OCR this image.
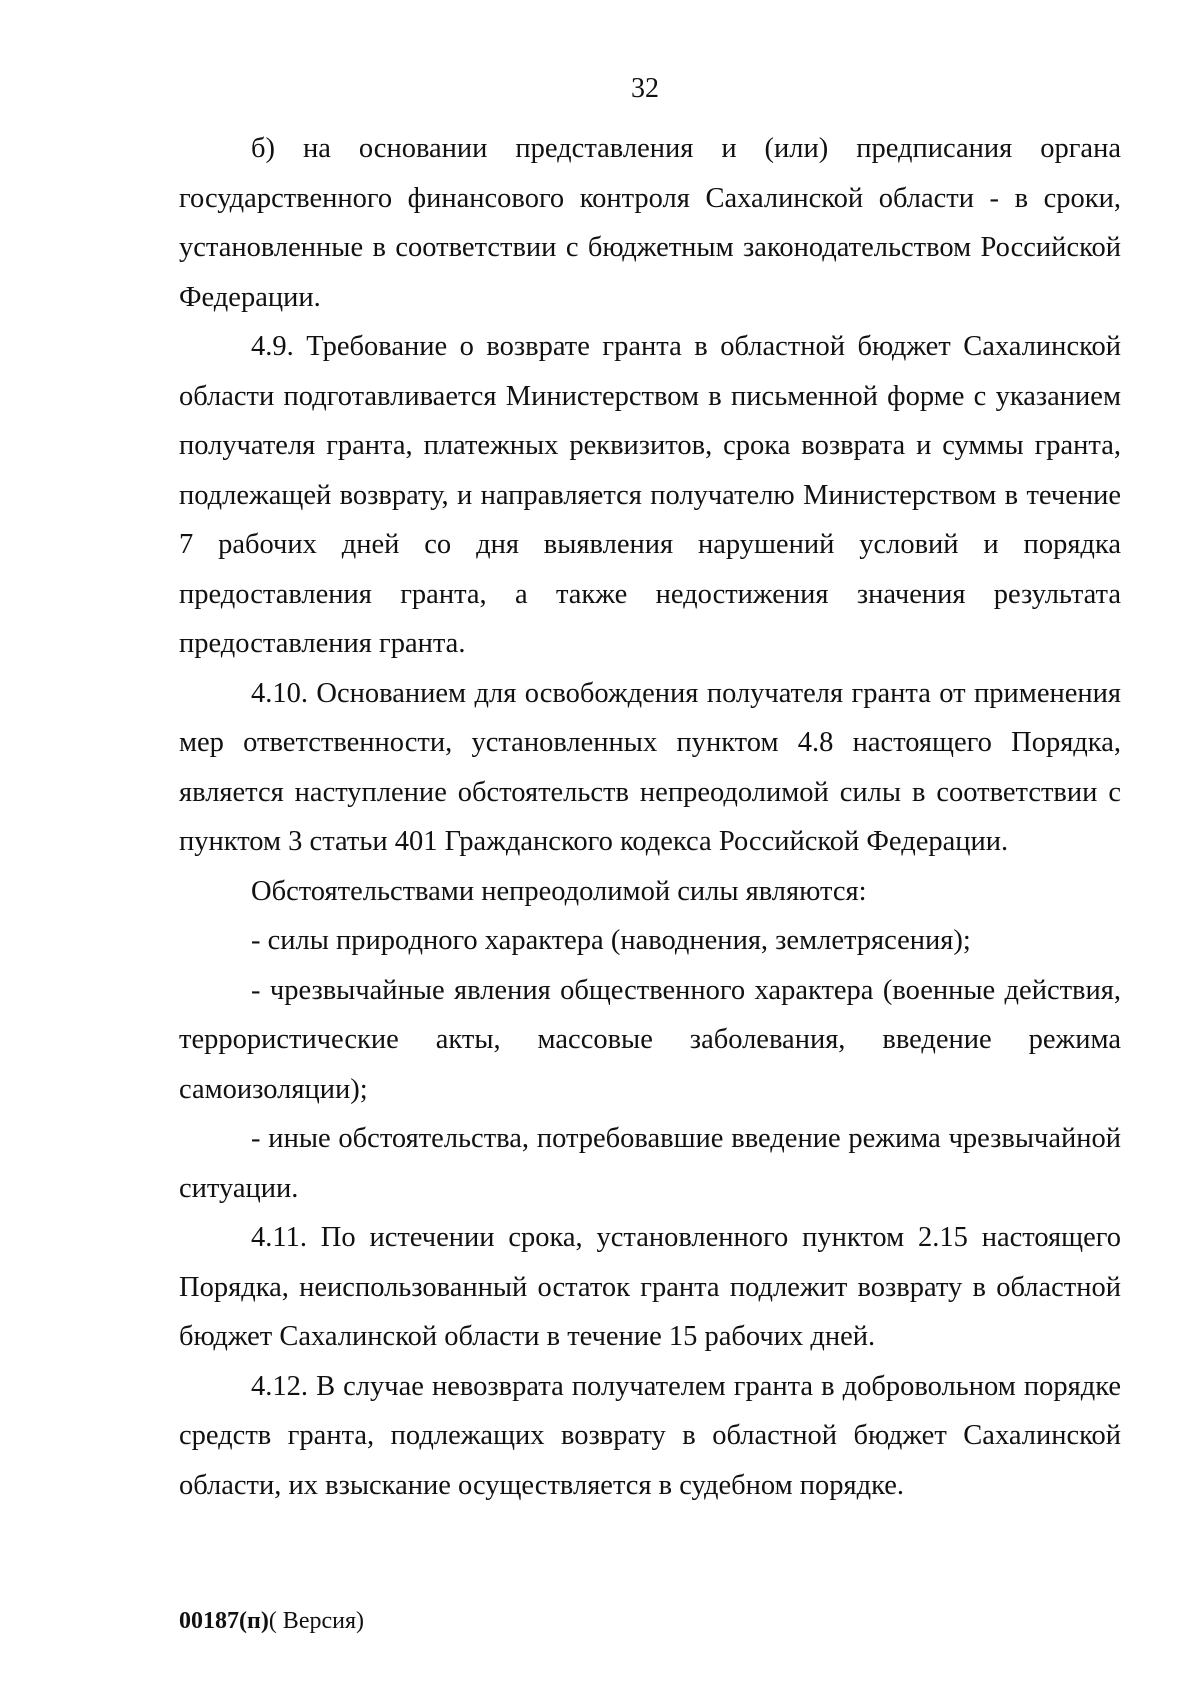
32

б) на основании представления и (или) предписания органа государственного финансового контроля Сахалинской области - в сроки, установленные в соответствии с бюджетным законодательством Российской Федерации.

4.9. Требование о возврате гранта в областной бюджет Сахалинской области подготавливается Министерством в письменной форме с указанием получателя гранта, платежных реквизитов, срока возврата и суммы гранта, подлежащей возврату, и направляется получателю Министерством в течение 7 рабочих дней со дня выявления нарушений условий и порядка предоставления гранта, а также недостижения значения результата предоставления гранта.

4.10. Основанием для освобождения получателя гранта от применения мер ответственности, установленных пунктом 4.8 настоящего Порядка, является наступление обстоятельств непреодолимой силы в соответствии с пунктом 3 статьи 401 Гражданского кодекса Российской Федерации.

Обстоятельствами непреодолимой силы являются:

- силы природного характера (наводнения, землетрясения);

- чрезвычайные явления общественного характера (военные действия, террористические акты, массовые заболевания, введение режима самоизоляции);

- иные обстоятельства, потребовавшие введение режима чрезвычайной ситуации.

4.11. По истечении срока, установленного пунктом 2.15 настоящего Порядка, неиспользованный остаток гранта подлежит возврату в областной бюджет Сахалинской области в течение 15 рабочих дней.

4.12. В случае невозврата получателем гранта в добровольном порядке средств гранта, подлежащих возврату в областной бюджет Сахалинской области, их взыскание осуществляется в судебном порядке.

00187(п)( Версия)
